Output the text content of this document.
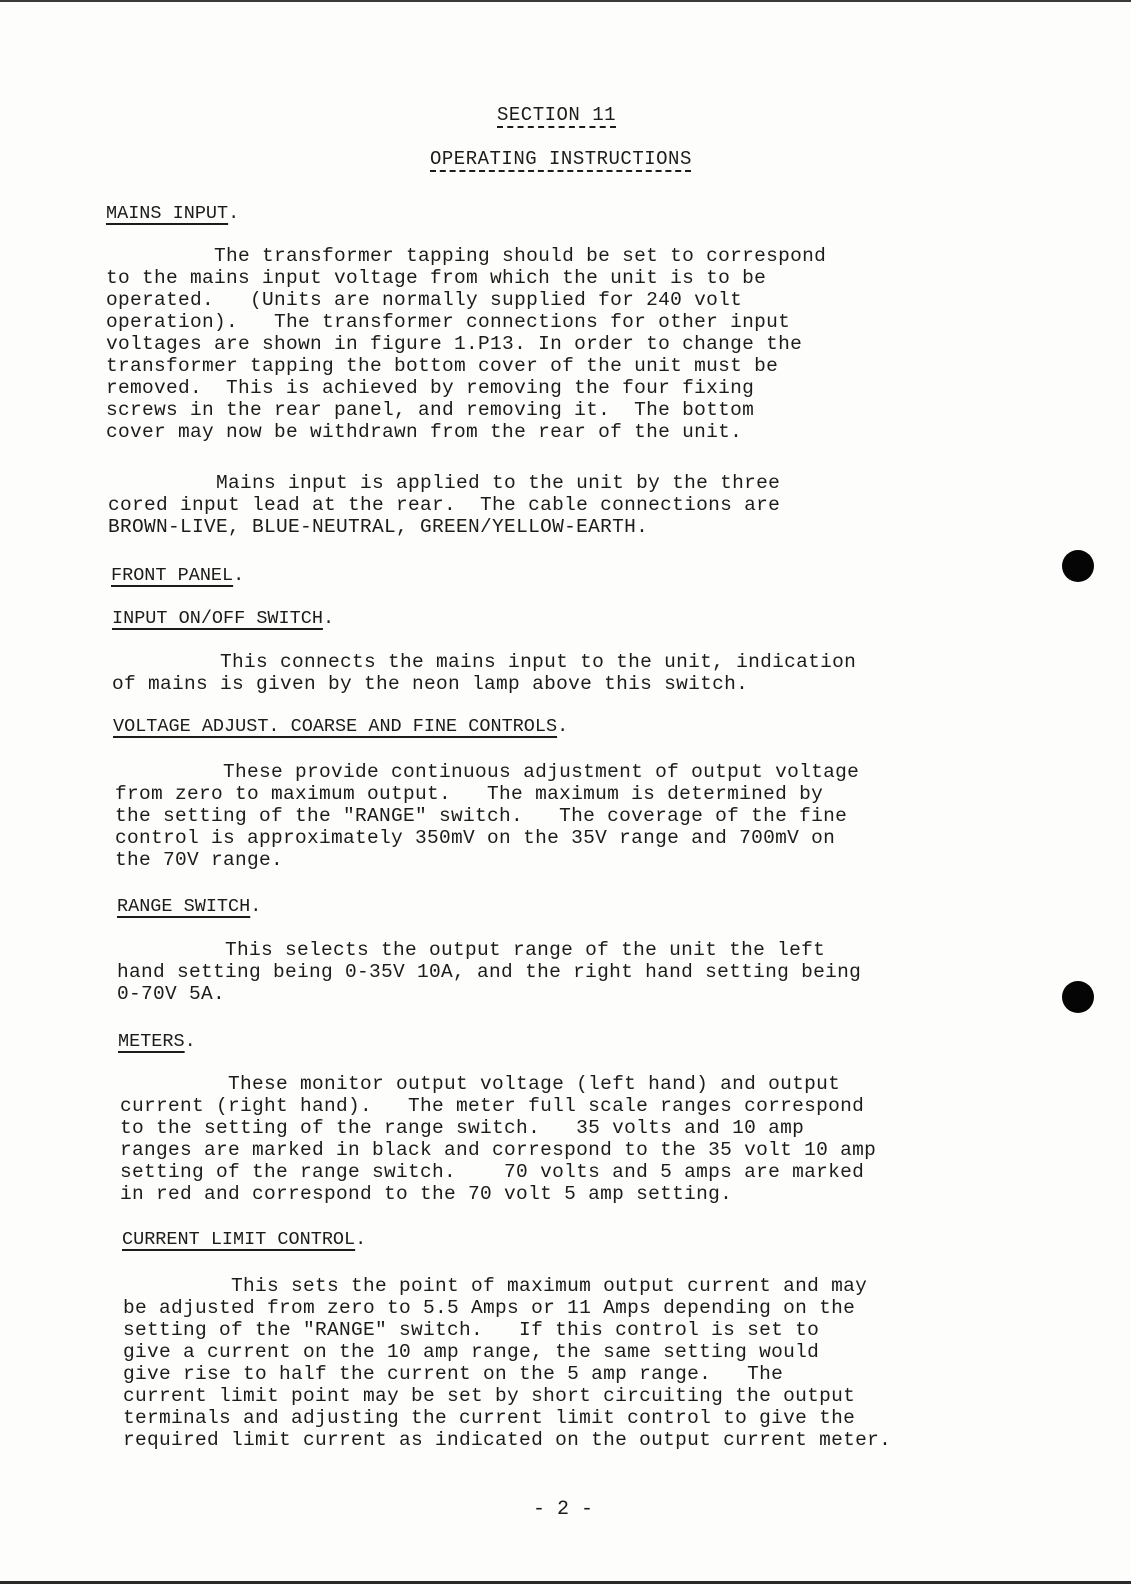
SECTION 11
OPERATING INSTRUCTIONS
MAINS INPUT.
The transformer tapping should be set to correspond
to the mains input voltage from which the unit is to be
operated.   (Units are normally supplied for 240 volt
operation).   The transformer connections for other input
voltages are shown in figure 1.P13. In order to change the
transformer tapping the bottom cover of the unit must be
removed.  This is achieved by removing the four fixing
screws in the rear panel, and removing it.  The bottom
cover may now be withdrawn from the rear of the unit.
Mains input is applied to the unit by the three
cored input lead at the rear.  The cable connections are
BROWN-LIVE, BLUE-NEUTRAL, GREEN/YELLOW-EARTH.
FRONT PANEL.
INPUT ON/OFF SWITCH.
This connects the mains input to the unit, indication
of mains is given by the neon lamp above this switch.
VOLTAGE ADJUST. COARSE AND FINE CONTROLS.
These provide continuous adjustment of output voltage
from zero to maximum output.   The maximum is determined by
the setting of the "RANGE" switch.   The coverage of the fine
control is approximately 350mV on the 35V range and 700mV on
the 70V range.
RANGE SWITCH.
This selects the output range of the unit the left
hand setting being 0-35V 10A, and the right hand setting being
0-70V 5A.
METERS.
These monitor output voltage (left hand) and output
current (right hand).   The meter full scale ranges correspond
to the setting of the range switch.   35 volts and 10 amp
ranges are marked in black and correspond to the 35 volt 10 amp
setting of the range switch.    70 volts and 5 amps are marked
in red and correspond to the 70 volt 5 amp setting.
CURRENT LIMIT CONTROL.
This sets the point of maximum output current and may
be adjusted from zero to 5.5 Amps or 11 Amps depending on the
setting of the "RANGE" switch.   If this control is set to
give a current on the 10 amp range, the same setting would
give rise to half the current on the 5 amp range.   The
current limit point may be set by short circuiting the output
terminals and adjusting the current limit control to give the
required limit current as indicated on the output current meter.
- 2 -
